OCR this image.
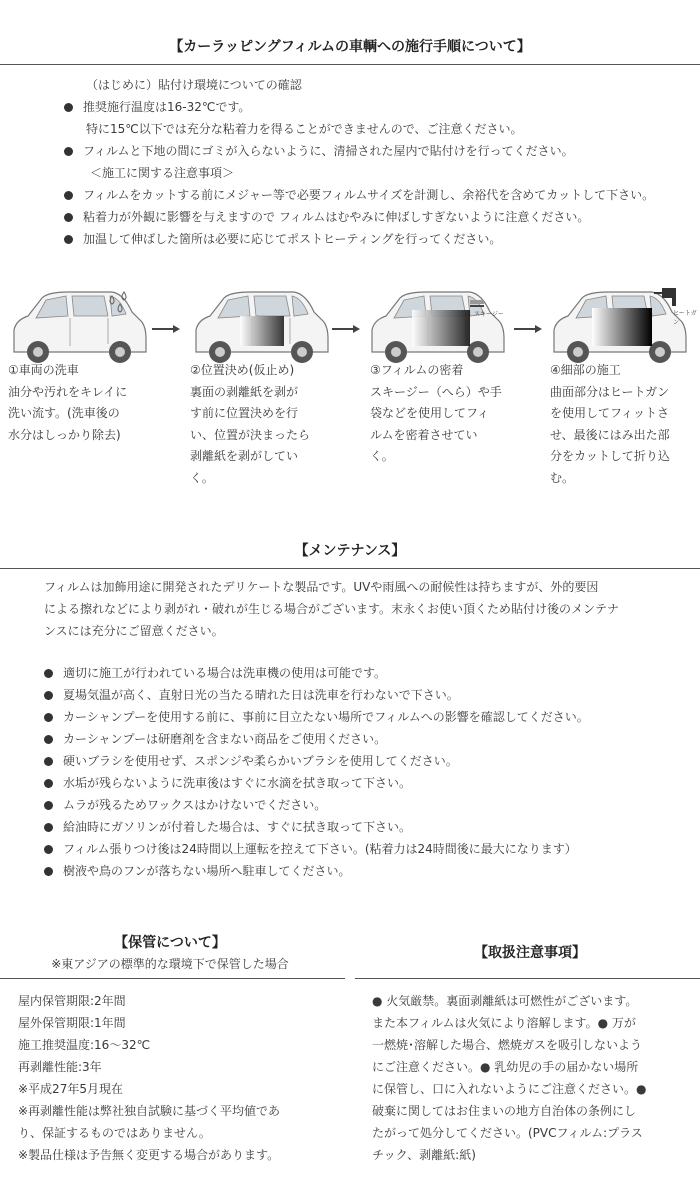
【カーラッピングフィルムの車輌への施行手順について】
（はじめに）貼付け環境についての確認
推奨施行温度は16-32℃です。
特に15℃以下では充分な粘着力を得ることができませんので、ご注意ください。
フィルムと下地の間にゴミが入らないように、清掃された屋内で貼付けを行ってください。
＜施工に関する注意事項＞
フィルムをカットする前にメジャー等で必要フィルムサイズを計測し、余裕代を含めてカットして下さい。
粘着力が外観に影響を与えますので フィルムはむやみに伸ばしすぎないように注意ください。
加温して伸ばした箇所は必要に応じてポストヒーティングを行ってください。
スキージー	ヒートガン
①車両の洗車
油分や汚れをキレイに
洗い流す。(洗車後の
水分はしっかり除去)
②位置決め(仮止め)
裏面の剥離紙を剥が
す前に位置決めを行
い、位置が決まったら
剥離紙を剥がしてい
く。
③フィルムの密着
スキージー（へら）や手
袋などを使用してフィ
ルムを密着させてい
く。
④細部の施工
曲面部分はヒートガン
を使用してフィットさ
せ、最後にはみ出た部
分をカットして折り込
む。
【メンテナンス】
フィルムは加飾用途に開発されたデリケートな製品です。UVや雨風への耐候性は持ちますが、外的要因
による擦れなどにより剥がれ・破れが生じる場合がございます。末永くお使い頂くため貼付け後のメンテナ
ンスには充分にご留意ください。
適切に施工が行われている場合は洗車機の使用は可能です。
夏場気温が高く、直射日光の当たる晴れた日は洗車を行わないで下さい。
カーシャンプーを使用する前に、事前に目立たない場所でフィルムへの影響を確認してください。
カーシャンプーは研磨剤を含まない商品をご使用ください。
硬いブラシを使用せず、スポンジや柔らかいブラシを使用してください。
水垢が残らないように洗車後はすぐに水滴を拭き取って下さい。
ムラが残るためワックスはかけないでください。
給油時にガソリンが付着した場合は、すぐに拭き取って下さい。
フィルム張りつけ後は24時間以上運転を控えて下さい。(粘着力は24時間後に最大になります）
樹液や鳥のフンが落ちない場所へ駐車してください。
【保管について】
※東アジアの標準的な環境下で保管した場合
屋内保管期限:2年間
屋外保管期限:1年間
施工推奨温度:16〜32℃
再剥離性能:3年
※平成27年5月現在
※再剥離性能は弊社独自試験に基づく平均値であ
り、保証するものではありません。
※製品仕様は予告無く変更する場合があります。
【取扱注意事項】
● 火気厳禁。裏面剥離紙は可燃性がございます。
また本フィルムは火気により溶解します。● 万が
一燃焼･溶解した場合、燃焼ガスを吸引しないよう
にご注意ください。● 乳幼児の手の届かない場所
に保管し、口に入れないようにご注意ください。●
破棄に関してはお住まいの地方自治体の条例にし
たがって処分してください。(PVCフィルム:プラス
チック、剥離紙:紙)
